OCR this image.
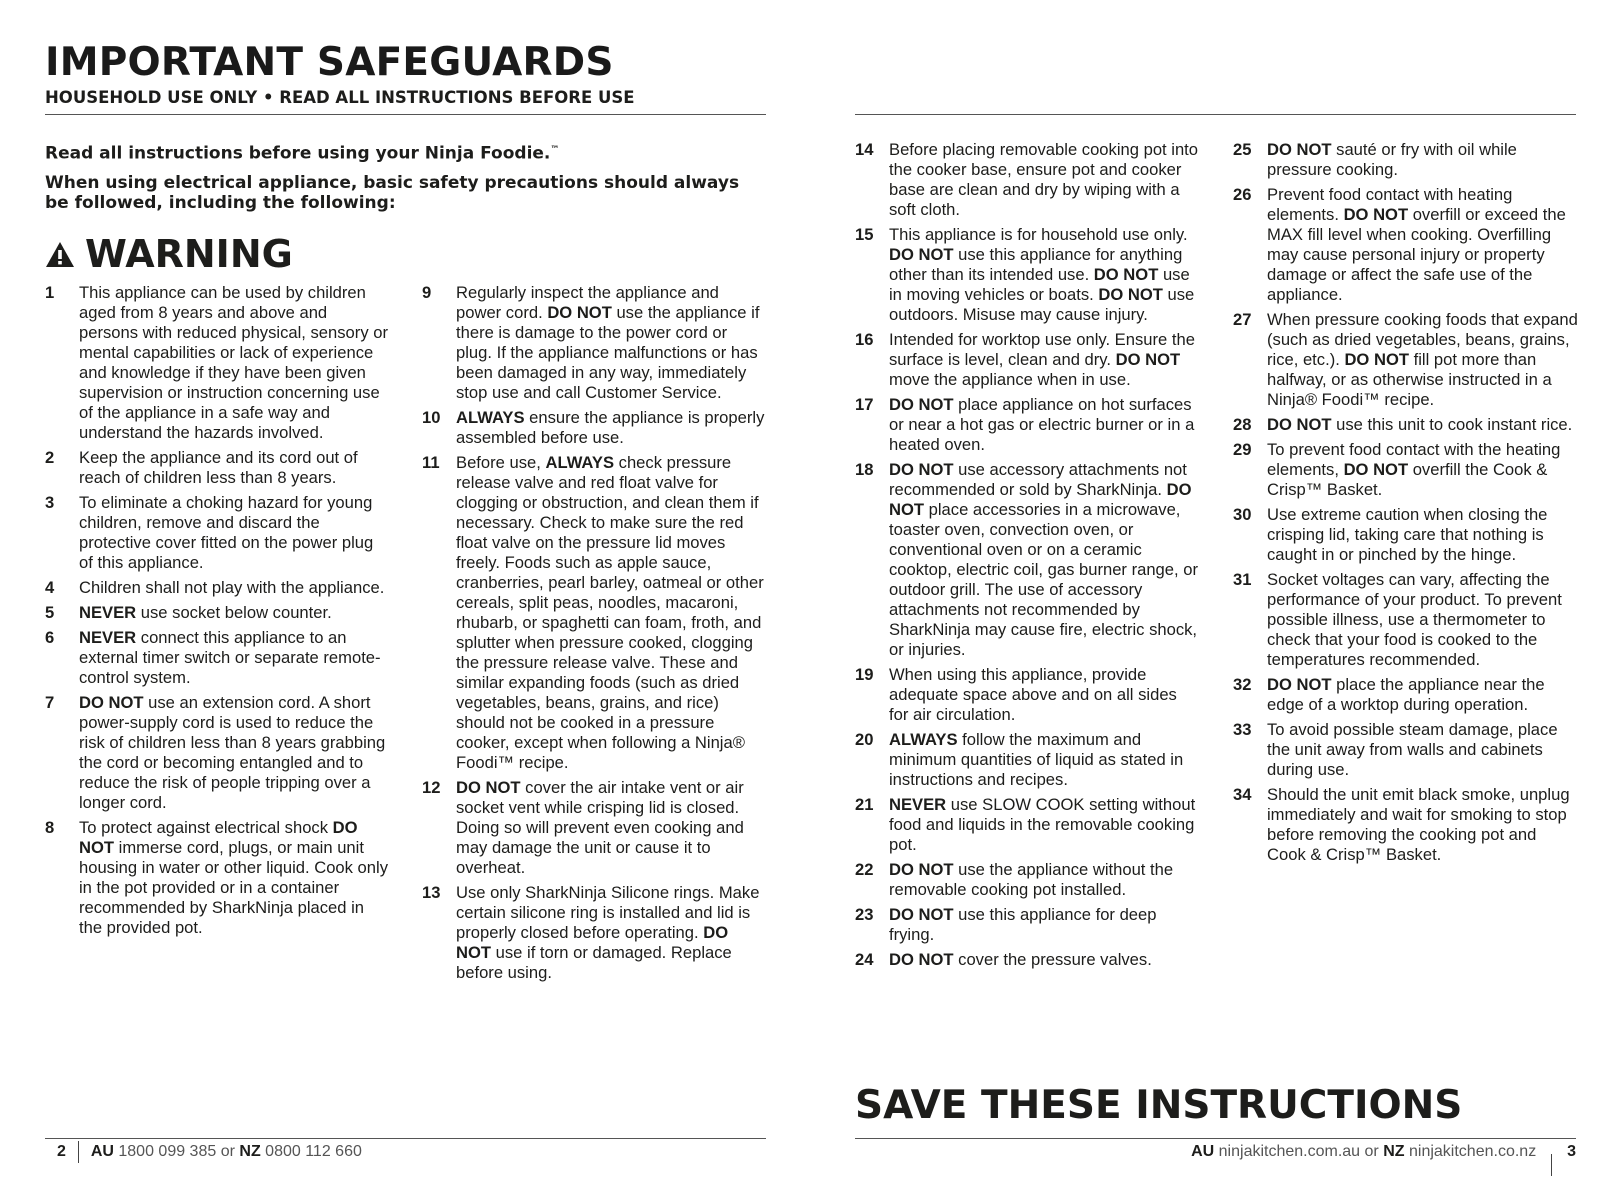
IMPORTANT SAFEGUARDS
HOUSEHOLD USE ONLY • READ ALL INSTRUCTIONS BEFORE USE
Read all instructions before using your Ninja Foodie.™
When using electrical appliance, basic safety precautions should always be followed, including the following:
WARNING
1	This appliance can be used by children aged from 8 years and above and persons with reduced physical, sensory or mental capabilities or lack of experience and knowledge if they have been given supervision or instruction concerning use of the appliance in a safe way and understand the hazards involved.
2	Keep the appliance and its cord out of reach of children less than 8 years.
3	To eliminate a choking hazard for young children, remove and discard the protective cover fitted on the power plug of this appliance.
4	Children shall not play with the appliance.
5	NEVER use socket below counter.
6	NEVER connect this appliance to an external timer switch or separate remote-control system.
7	DO NOT use an extension cord. A short power-supply cord is used to reduce the risk of children less than 8 years grabbing the cord or becoming entangled and to reduce the risk of people tripping over a longer cord.
8	To protect against electrical shock DO NOT immerse cord, plugs, or main unit housing in water or other liquid. Cook only in the pot provided or in a container recommended by SharkNinja placed in the provided pot.
9	Regularly inspect the appliance and power cord. DO NOT use the appliance if there is damage to the power cord or plug. If the appliance malfunctions or has been damaged in any way, immediately stop use and call Customer Service.
10 ALWAYS ensure the appliance is properly assembled before use.
11 Before use, ALWAYS check pressure release valve and red float valve for clogging or obstruction, and clean them if necessary. Check to make sure the red float valve on the pressure lid moves freely. Foods such as apple sauce, cranberries, pearl barley, oatmeal or other cereals, split peas, noodles, macaroni, rhubarb, or spaghetti can foam, froth, and splutter when pressure cooked, clogging the pressure release valve. These and similar expanding foods (such as dried vegetables, beans, grains, and rice) should not be cooked in a pressure cooker, except when following a Ninja® Foodi™ recipe.
12 DO NOT cover the air intake vent or air socket vent while crisping lid is closed. Doing so will prevent even cooking and may damage the unit or cause it to overheat.
13 Use only SharkNinja Silicone rings. Make certain silicone ring is installed and lid is properly closed before operating. DO NOT use if torn or damaged. Replace before using.
14 Before placing removable cooking pot into the cooker base, ensure pot and cooker base are clean and dry by wiping with a soft cloth.
15 This appliance is for household use only. DO NOT use this appliance for anything other than its intended use. DO NOT use in moving vehicles or boats. DO NOT use outdoors. Misuse may cause injury.
16 Intended for worktop use only. Ensure the surface is level, clean and dry. DO NOT move the appliance when in use.
17 DO NOT place appliance on hot surfaces or near a hot gas or electric burner or in a heated oven.
18 DO NOT use accessory attachments not recommended or sold by SharkNinja. DO NOT place accessories in a microwave, toaster oven, convection oven, or conventional oven or on a ceramic cooktop, electric coil, gas burner range, or outdoor grill. The use of accessory attachments not recommended by SharkNinja may cause fire, electric shock, or injuries.
19 When using this appliance, provide adequate space above and on all sides for air circulation.
20 ALWAYS follow the maximum and minimum quantities of liquid as stated in instructions and recipes.
21 NEVER use SLOW COOK setting without food and liquids in the removable cooking pot.
22 DO NOT use the appliance without the removable cooking pot installed.
23 DO NOT use this appliance for deep frying.
24 DO NOT cover the pressure valves.
25 DO NOT sauté or fry with oil while pressure cooking.
26 Prevent food contact with heating elements. DO NOT overfill or exceed the MAX fill level when cooking. Overfilling may cause personal injury or property damage or affect the safe use of the appliance.
27 When pressure cooking foods that expand (such as dried vegetables, beans, grains, rice, etc.). DO NOT fill pot more than halfway, or as otherwise instructed in a Ninja® Foodi™ recipe.
28 DO NOT use this unit to cook instant rice.
29 To prevent food contact with the heating elements, DO NOT overfill the Cook & Crisp™ Basket.
30 Use extreme caution when closing the crisping lid, taking care that nothing is caught in or pinched by the hinge.
31 Socket voltages can vary, affecting the performance of your product. To prevent possible illness, use a thermometer to check that your food is cooked to the temperatures recommended.
32 DO NOT place the appliance near the edge of a worktop during operation.
33 To avoid possible steam damage, place the unit away from walls and cabinets during use.
34 Should the unit emit black smoke, unplug immediately and wait for smoking to stop before removing the cooking pot and Cook & Crisp™ Basket.
SAVE THESE INSTRUCTIONS
2 AU 1800 099 385 or NZ 0800 112 660	AU ninjakitchen.com.au or NZ ninjakitchen.co.nz 3
